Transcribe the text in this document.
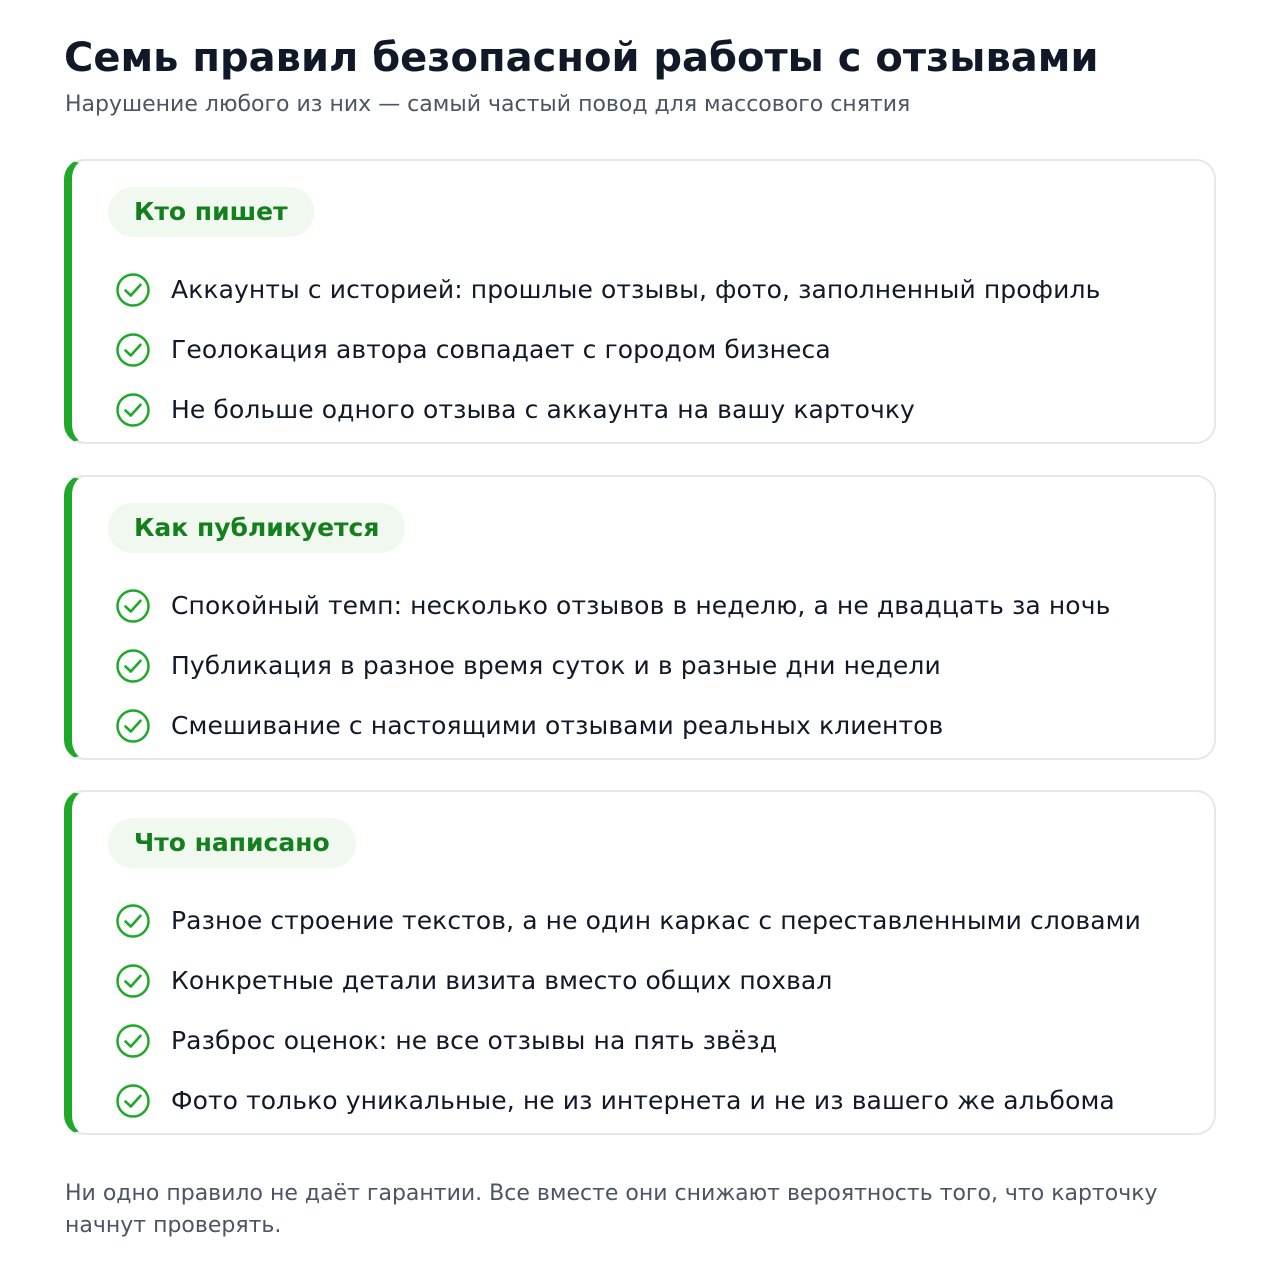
Семь правил безопасной работы с отзывами

Нарушение любого из них — самый частый повод для массового снятия

Кто пишет
Аккаунты с историей: прошлые отзывы, фото, заполненный профиль
Геолокация автора совпадает с городом бизнеса
Не больше одного отзыва с аккаунта на вашу карточку
Как публикуется
Спокойный темп: несколько отзывов в неделю, а не двадцать за ночь
Публикация в разное время суток и в разные дни недели
Смешивание с настоящими отзывами реальных клиентов
Что написано
Разное строение текстов, а не один каркас с переставленными словами
Конкретные детали визита вместо общих похвал
Разброс оценок: не все отзывы на пять звёзд
Фото только уникальные, не из интернета и не из вашего же альбома

Ни одно правило не даёт гарантии. Все вместе они снижают вероятность того, что карточку начнут проверять.
